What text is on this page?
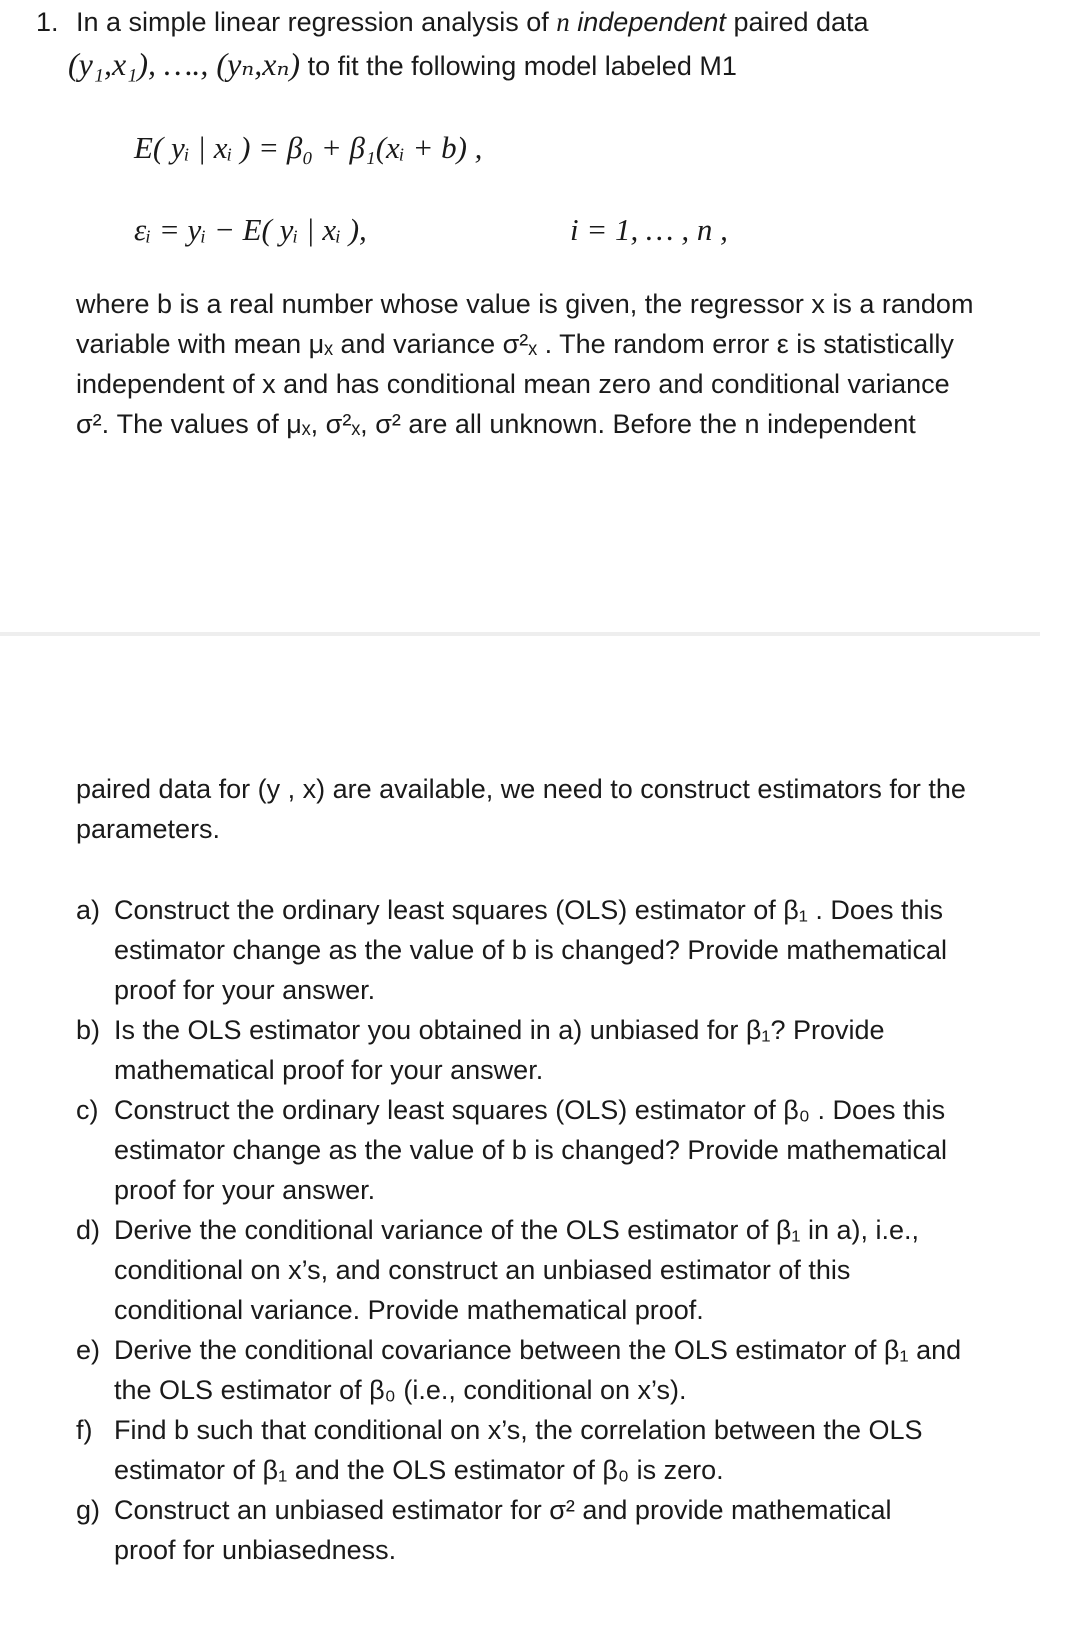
1. In a simple linear regression analysis of n independent paired data
(y₁,x₁), …., (yₙ,xₙ) to fit the following model labeled M1
E( yᵢ | xᵢ ) = β₀ + β₁(xᵢ + b) ,
εᵢ = yᵢ − E( yᵢ | xᵢ ),	i = 1, … , n ,
where b is a real number whose value is given, the regressor x is a random
variable with mean μₓ and variance σ²ₓ . The random error ε is statistically
independent of x and has conditional mean zero and conditional variance
σ². The values of μₓ, σ²ₓ, σ² are all unknown. Before the n independent
paired data for (y , x) are available, we need to construct estimators for the
parameters.
a) Construct the ordinary least squares (OLS) estimator of β₁ . Does this
estimator change as the value of b is changed? Provide mathematical
proof for your answer.
b) Is the OLS estimator you obtained in a) unbiased for β₁? Provide
mathematical proof for your answer.
c) Construct the ordinary least squares (OLS) estimator of β₀ . Does this
estimator change as the value of b is changed? Provide mathematical
proof for your answer.
d) Derive the conditional variance of the OLS estimator of β₁ in a), i.e.,
conditional on x’s, and construct an unbiased estimator of this
conditional variance. Provide mathematical proof.
e) Derive the conditional covariance between the OLS estimator of β₁ and
the OLS estimator of β₀ (i.e., conditional on x’s).
f) Find b such that conditional on x’s, the correlation between the OLS
estimator of β₁ and the OLS estimator of β₀ is zero.
g) Construct an unbiased estimator for σ² and provide mathematical
proof for unbiasedness.
